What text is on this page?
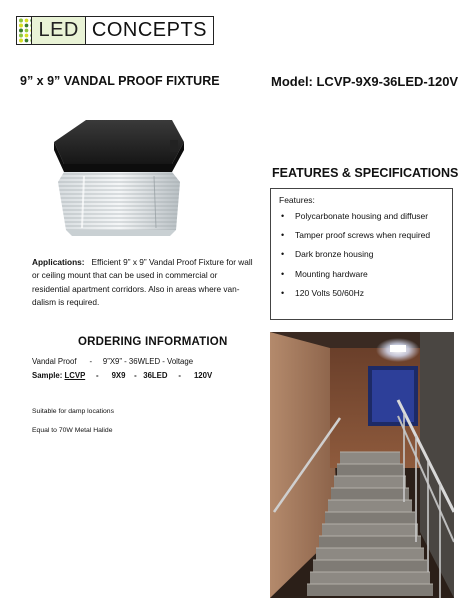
LED CONCEPTS
9” x 9” VANDAL PROOF FIXTURE	Model: LCVP-9X9-36LED-120V
FEATURES & SPECIFICATIONS
Features:
• Polycarbonate housing and diffuser
• Tamper proof screws when required
• Dark bronze housing
• Mounting hardware
• 120 Volts 50/60Hz
Applications: Efficient 9” x 9” Vandal Proof Fixture for wall or ceiling mount that can be used in commercial or residential apartment corridors. Also in areas where van-dalism is required.
ORDERING INFORMATION
Vandal Proof      -     9”X9” - 36WLED - Voltage
Sample: LCVP     -      9X9    -   36LED     -      120V
Suitable for damp locations
Equal to 70W Metal Halide
